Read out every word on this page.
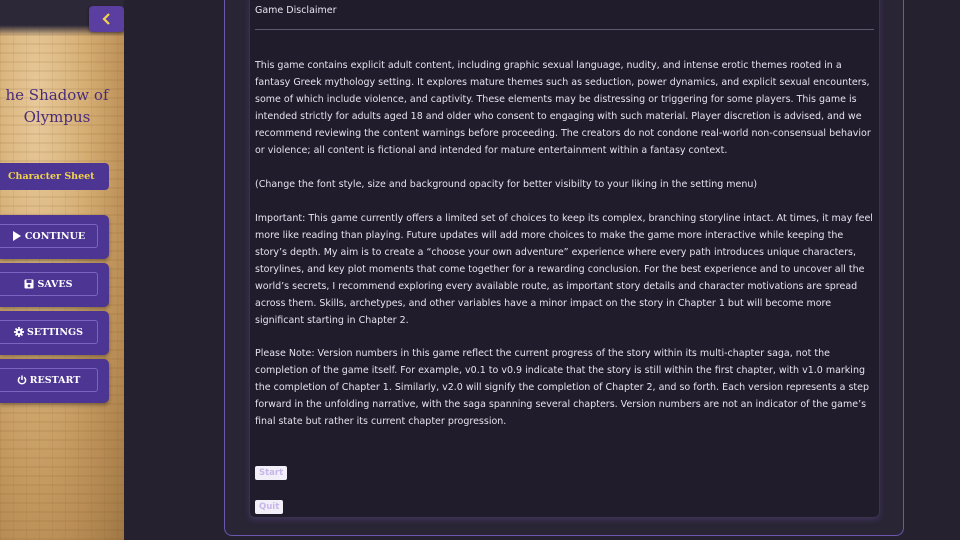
he Shadow of
Olympus
Character Sheet
CONTINUE
SAVES
SETTINGS
RESTART
Game Disclaimer

This game contains explicit adult content, including graphic sexual language, nudity, and intense erotic themes rooted in a fantasy Greek mythology setting. It explores mature themes such as seduction, power dynamics, and explicit sexual encounters, some of which include violence, and captivity. These elements may be distressing or triggering for some players. This game is intended strictly for adults aged 18 and older who consent to engaging with such material. Player discretion is advised, and we recommend reviewing the content warnings before proceeding. The creators do not condone real-world non-consensual behavior or violence; all content is fictional and intended for mature entertainment within a fantasy context.

(Change the font style, size and background opacity for better visibilty to your liking in the setting menu)

Important: This game currently offers a limited set of choices to keep its complex, branching storyline intact. At times, it may feel more like reading than playing. Future updates will add more choices to make the game more interactive while keeping the story’s depth. My aim is to create a “choose your own adventure” experience where every path introduces unique characters, storylines, and key plot moments that come together for a rewarding conclusion. For the best experience and to uncover all the world’s secrets, I recommend exploring every available route, as important story details and character motivations are spread across them. Skills, archetypes, and other variables have a minor impact on the story in Chapter 1 but will become more significant starting in Chapter 2.

Please Note: Version numbers in this game reflect the current progress of the story within its multi-chapter saga, not the completion of the game itself. For example, v0.1 to v0.9 indicate that the story is still within the first chapter, with v1.0 marking the completion of Chapter 1. Similarly, v2.0 will signify the completion of Chapter 2, and so forth. Each version represents a step forward in the unfolding narrative, with the saga spanning several chapters. Version numbers are not an indicator of the game’s final state but rather its current chapter progression.

Start
Quit
